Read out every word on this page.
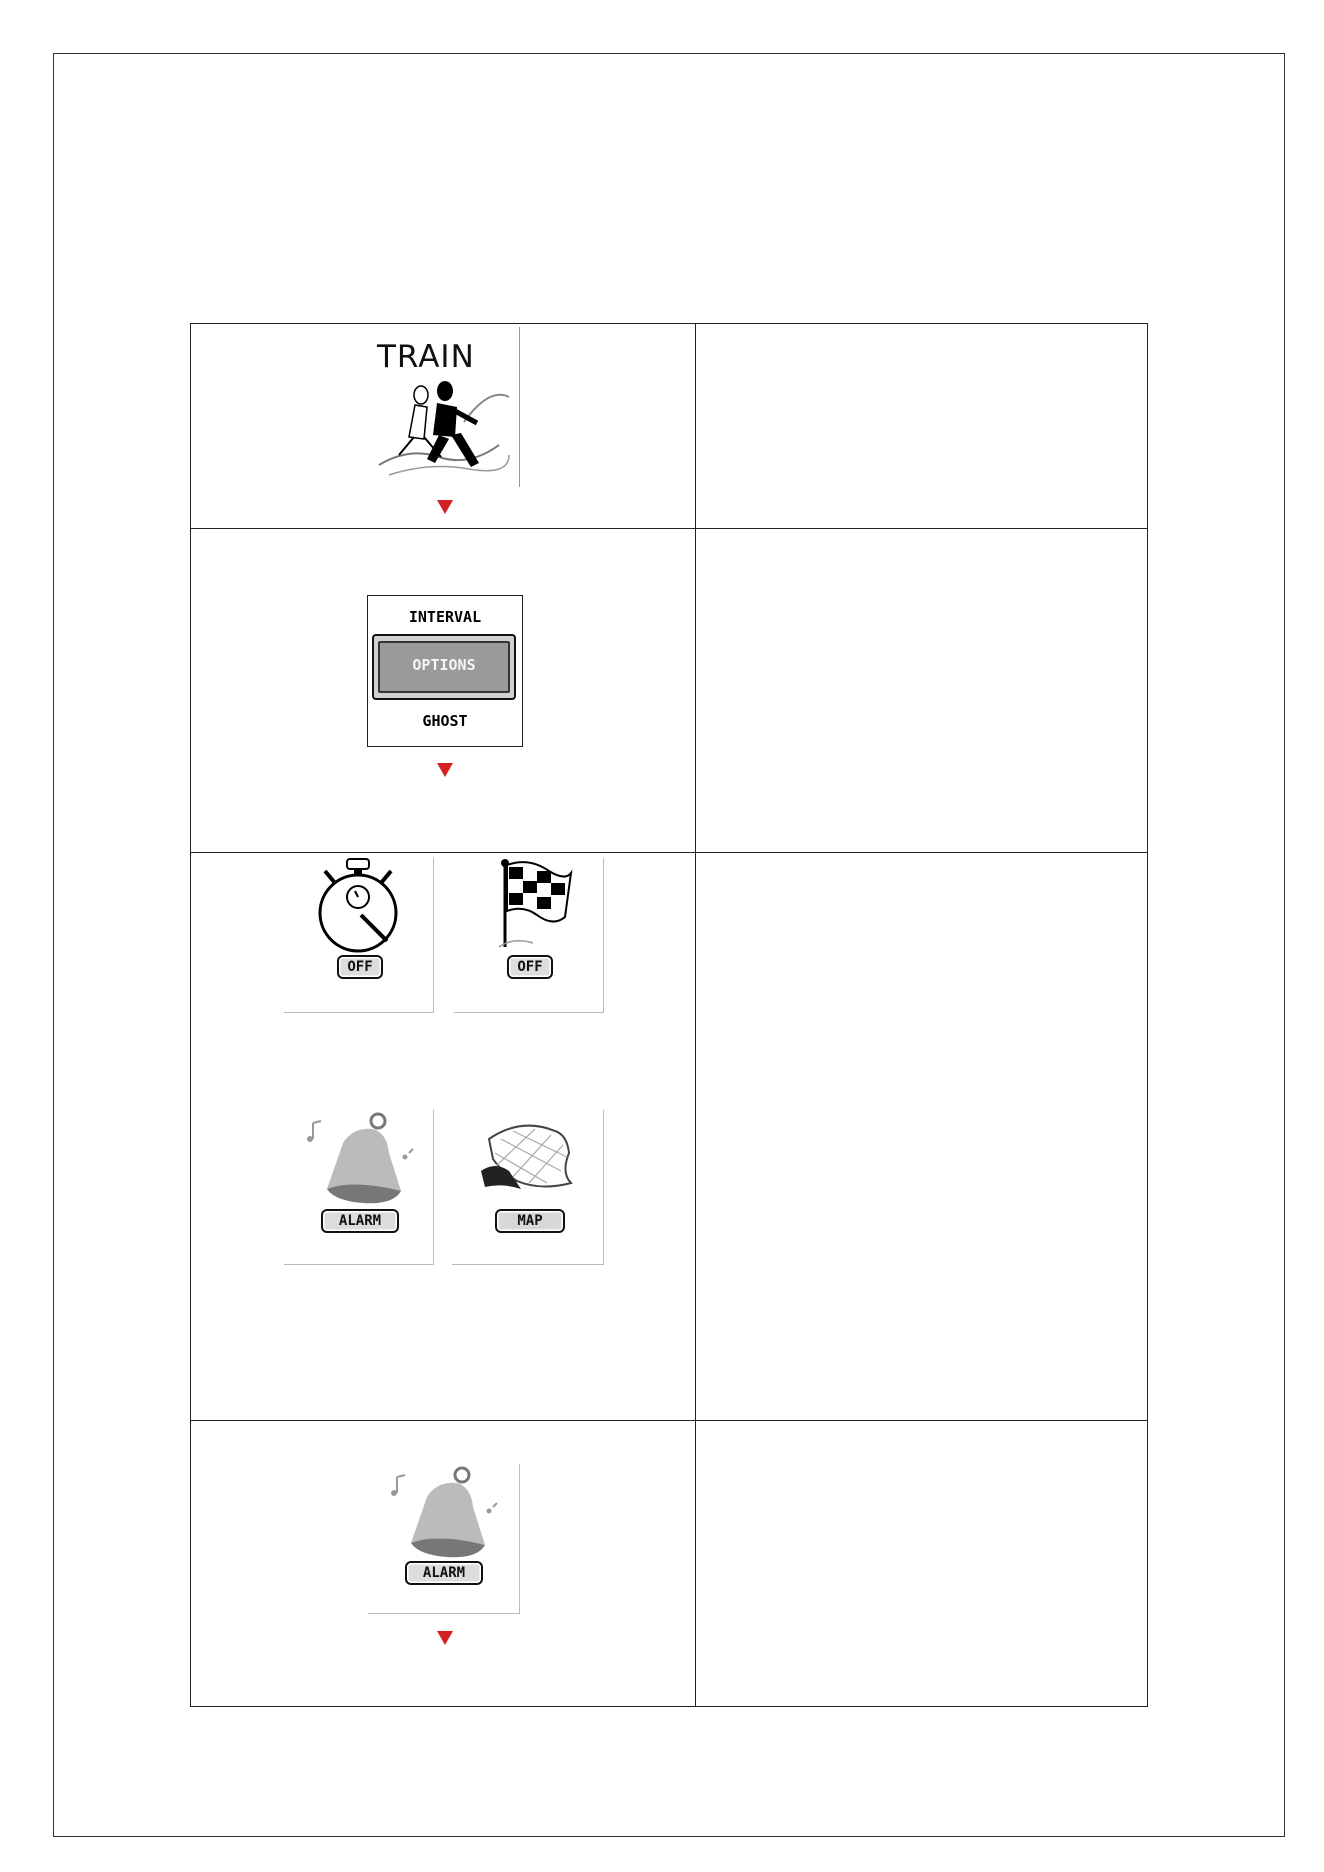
TRAIN
INTERVAL
OPTIONS
GHOST
OFF	OFF
ALARM	MAP
ALARM
